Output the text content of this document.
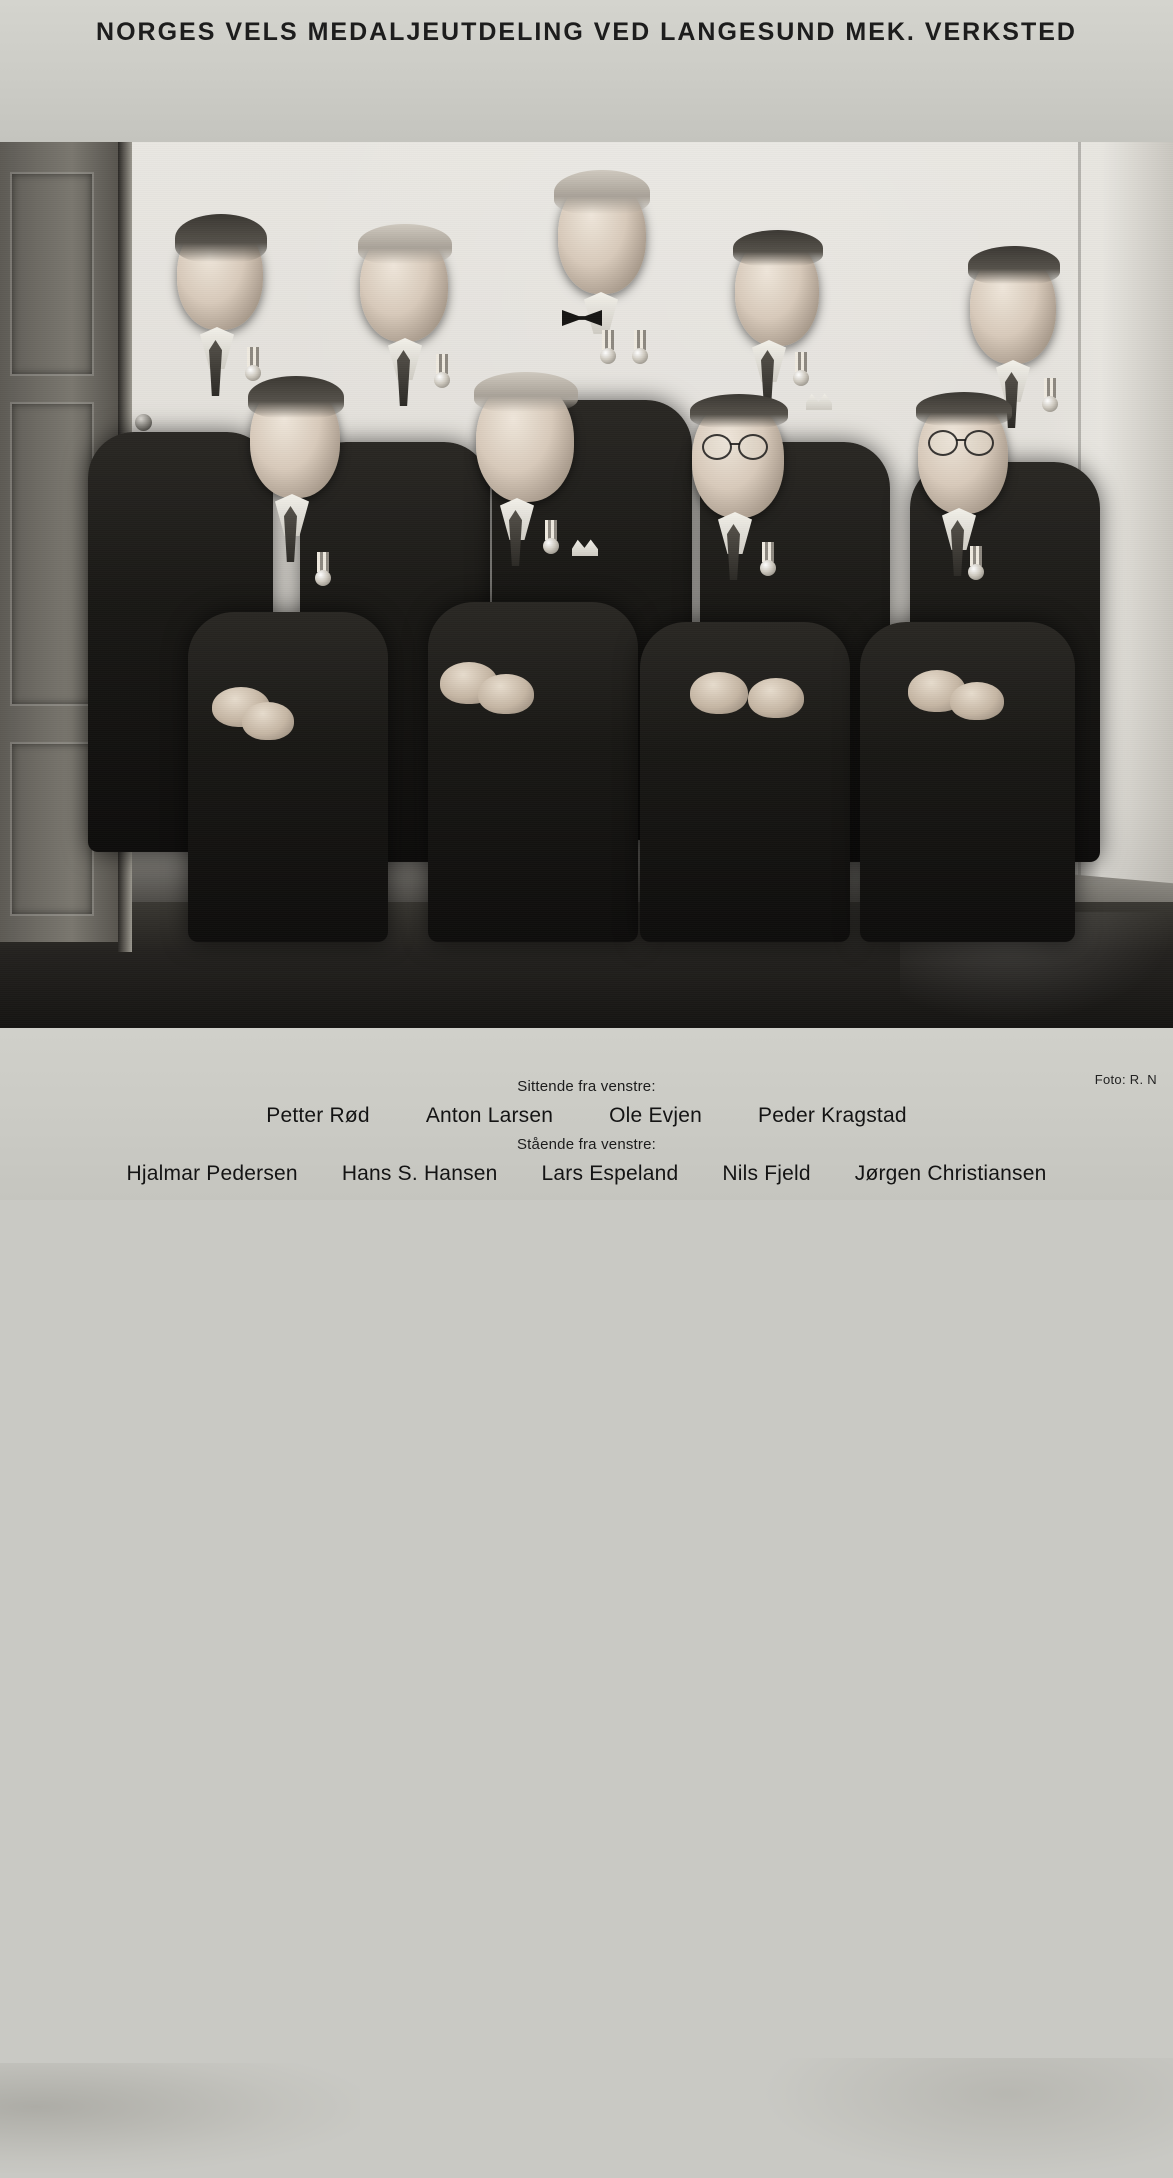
NORGES VELS MEDALJEUTDELING VED LANGESUND MEK. VERKSTED
Foto: R. N
Sittende fra venstre:
Petter Rød	Anton Larsen	Ole Evjen	Peder Kragstad
Stående fra venstre:
Hjalmar Pedersen Hans S. Hansen Lars Espeland Nils Fjeld Jørgen Christiansen
